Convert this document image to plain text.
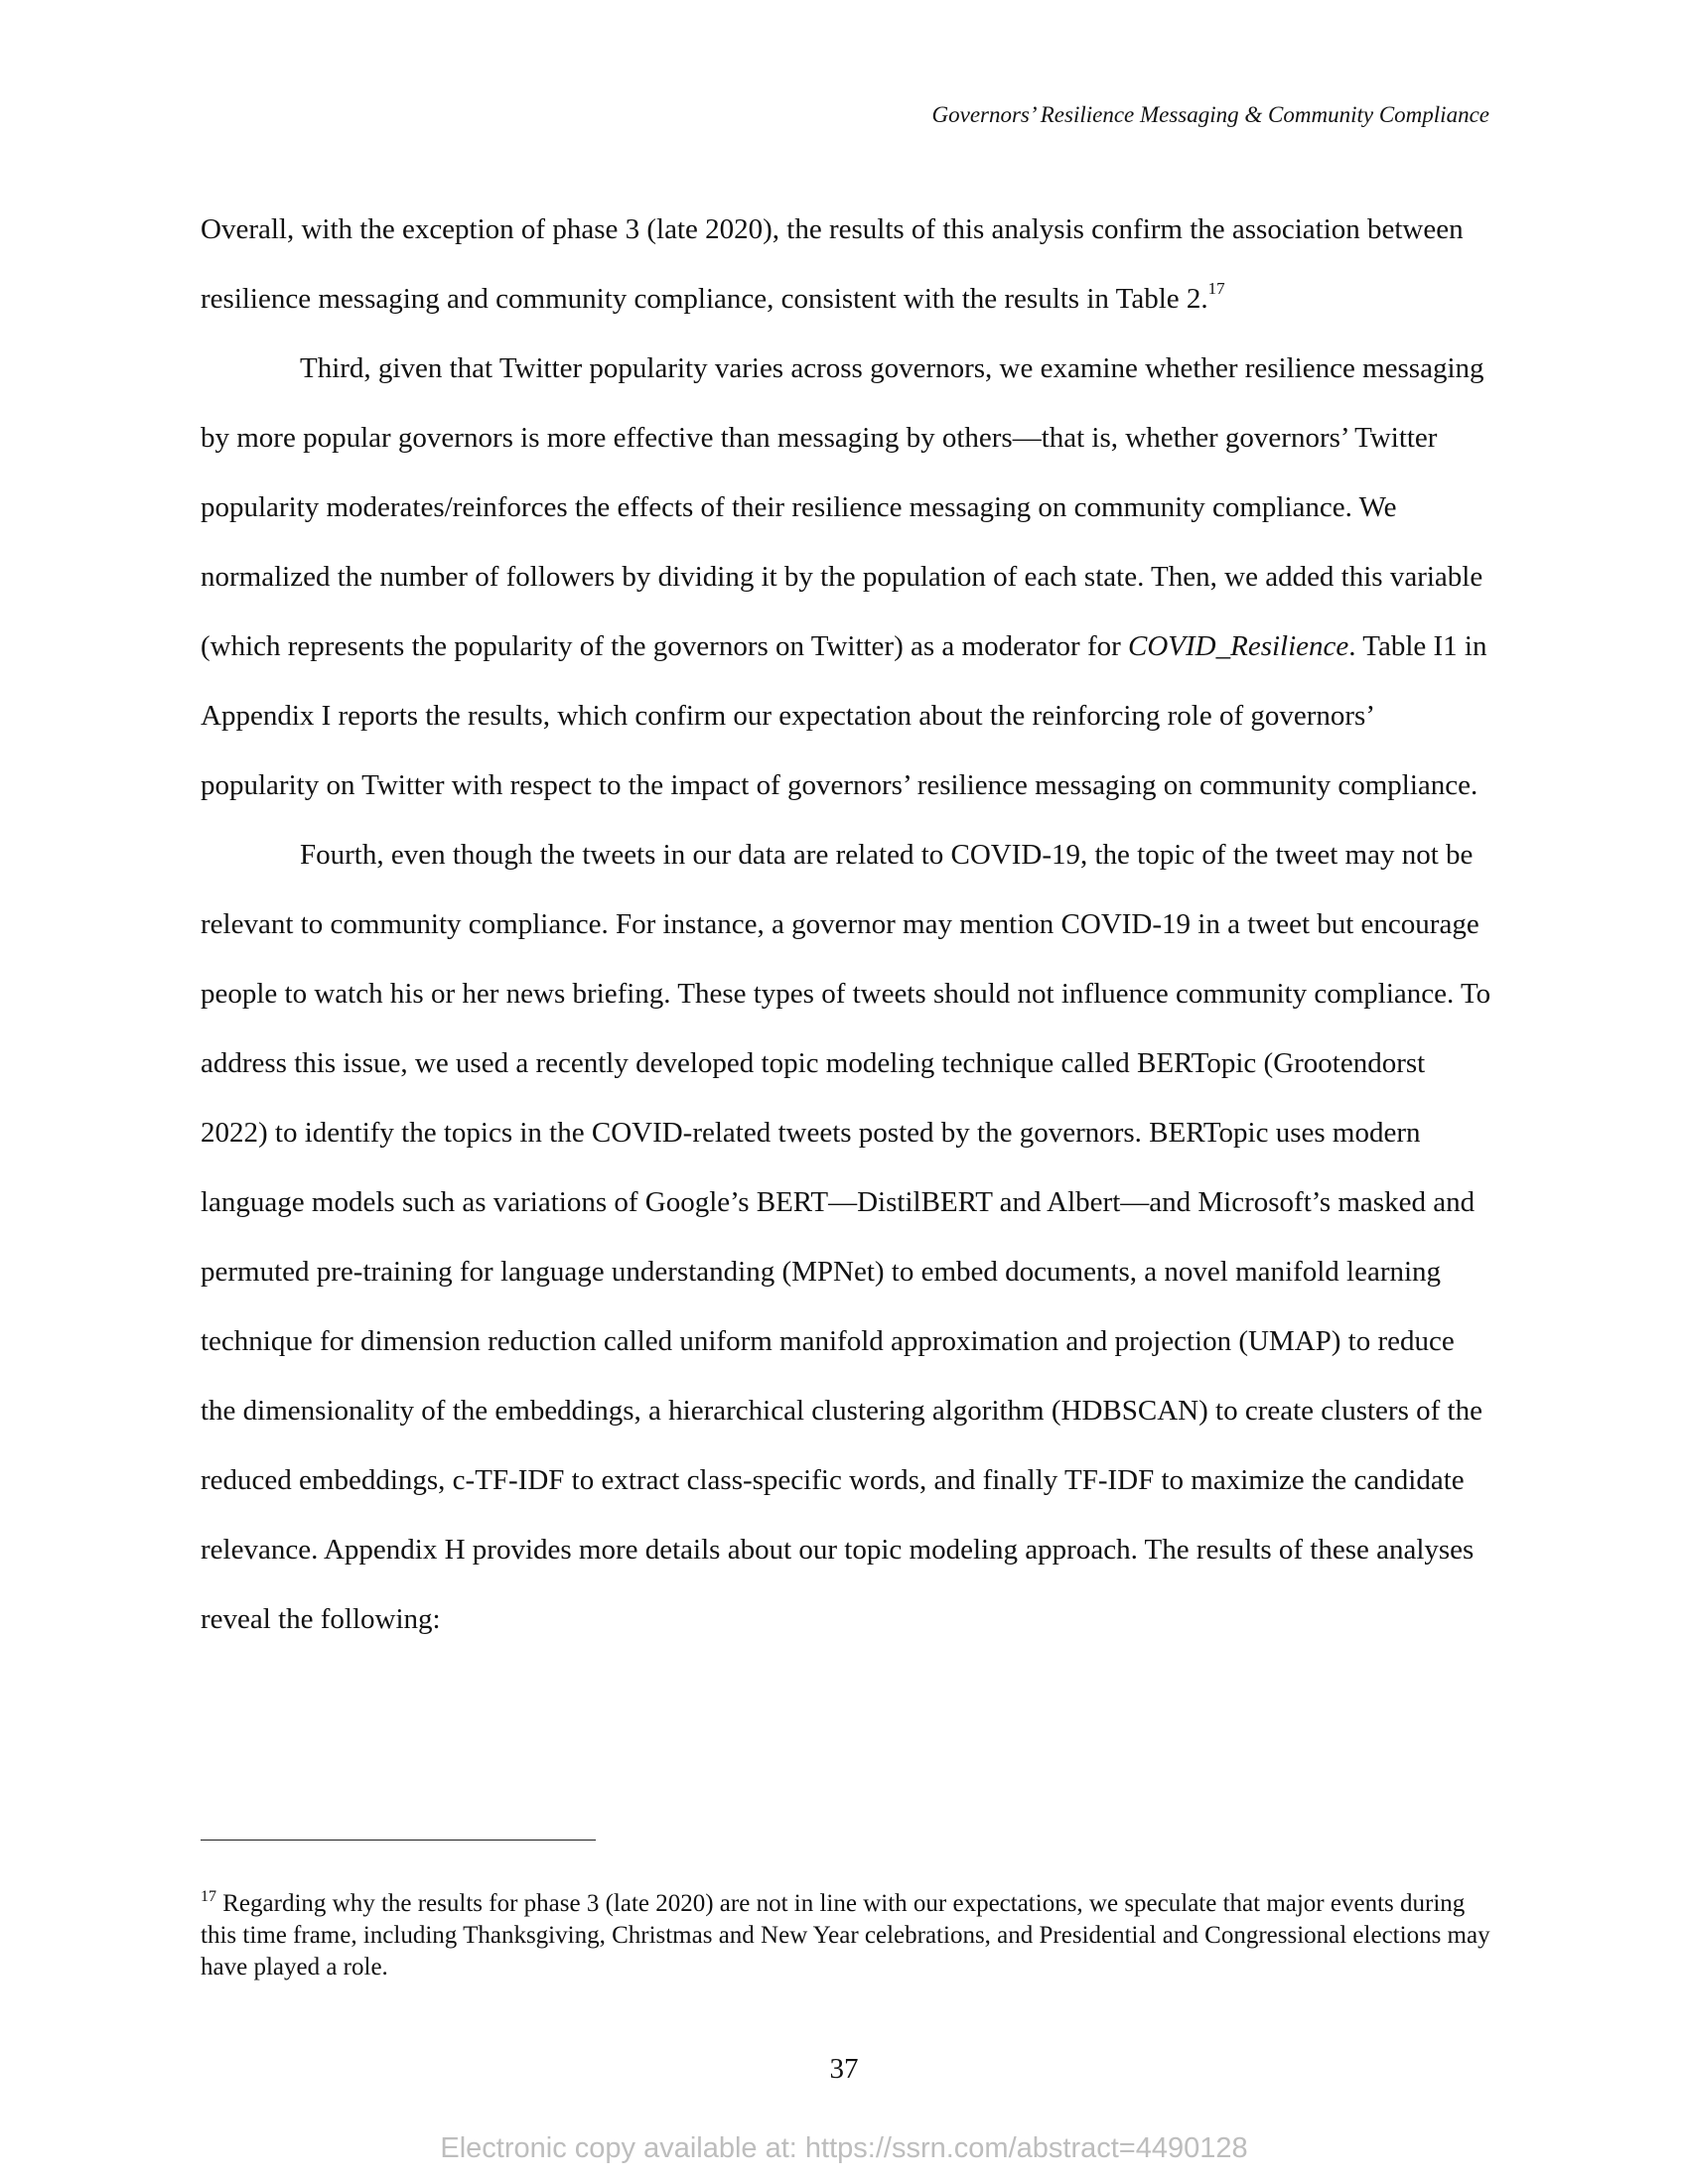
Governors’ Resilience Messaging & Community Compliance

Overall, with the exception of phase 3 (late 2020), the results of this analysis confirm the association between resilience messaging and community compliance, consistent with the results in Table 2.17

Third, given that Twitter popularity varies across governors, we examine whether resilience messaging by more popular governors is more effective than messaging by others—that is, whether governors’ Twitter popularity moderates/reinforces the effects of their resilience messaging on community compliance. We normalized the number of followers by dividing it by the population of each state. Then, we added this variable (which represents the popularity of the governors on Twitter) as a moderator for COVID_Resilience. Table I1 in Appendix I reports the results, which confirm our expectation about the reinforcing role of governors’ popularity on Twitter with respect to the impact of governors’ resilience messaging on community compliance.

Fourth, even though the tweets in our data are related to COVID-19, the topic of the tweet may not be relevant to community compliance. For instance, a governor may mention COVID-19 in a tweet but encourage people to watch his or her news briefing. These types of tweets should not influence community compliance. To address this issue, we used a recently developed topic modeling technique called BERTopic (Grootendorst 2022) to identify the topics in the COVID-related tweets posted by the governors. BERTopic uses modern language models such as variations of Google’s BERT—DistilBERT and Albert—and Microsoft’s masked and permuted pre-training for language understanding (MPNet) to embed documents, a novel manifold learning technique for dimension reduction called uniform manifold approximation and projection (UMAP) to reduce the dimensionality of the embeddings, a hierarchical clustering algorithm (HDBSCAN) to create clusters of the reduced embeddings, c-TF-IDF to extract class-specific words, and finally TF-IDF to maximize the candidate relevance. Appendix H provides more details about our topic modeling approach. The results of these analyses reveal the following:

$^{17}$ Regarding why the results for phase 3 (late 2020) are not in line with our expectations, we speculate that major events during this time frame, including Thanksgiving, Christmas and New Year celebrations, and Presidential and Congressional elections may have played a role.
37
Electronic copy available at: https://ssrn.com/abstract=4490128
